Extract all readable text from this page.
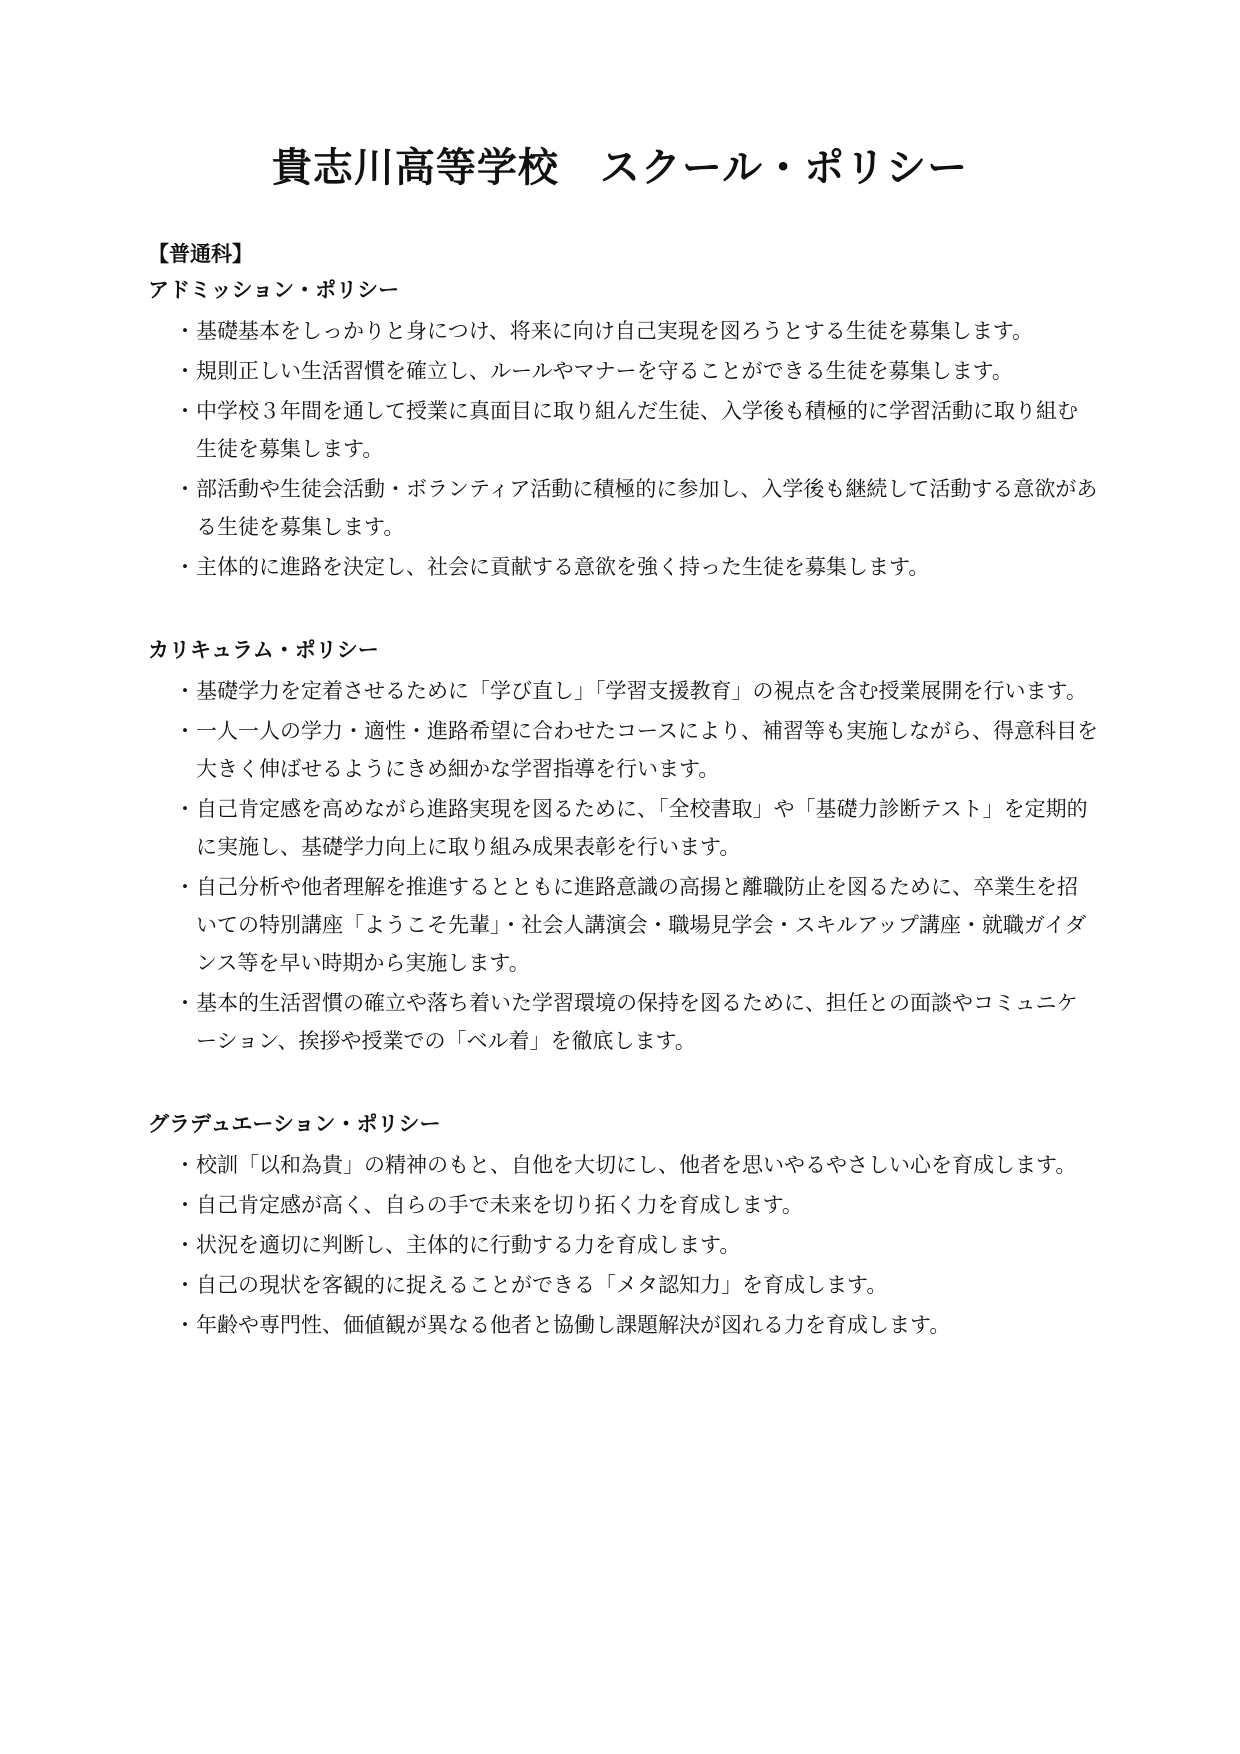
貴志川高等学校　スクール・ポリシー

【普通科】

アドミッション・ポリシー
・ 基礎基本をしっかりと身につけ、将来に向け自己実現を図ろうとする生徒を募集します。
・ 規則正しい生活習慣を確立し、ルールやマナーを守ることができる生徒を募集します。
・ 中学校３年間を通して授業に真面目に取り組んだ生徒、入学後も積極的に学習活動に取り組む生徒を募集します。
・ 部活動や生徒会活動・ボランティア活動に積極的に参加し、入学後も継続して活動する意欲がある生徒を募集します。
・ 主体的に進路を決定し、社会に貢献する意欲を強く持った生徒を募集します。
カリキュラム・ポリシー
・ 基礎学力を定着させるために「学び直し」「学習支援教育」の視点を含む授業展開を行います。
・ 一人一人の学力・適性・進路希望に合わせたコースにより、補習等も実施しながら、得意科目を大きく伸ばせるようにきめ細かな学習指導を行います。
・ 自己肯定感を高めながら進路実現を図るために、「全校書取」や「基礎力診断テスト」を定期的に実施し、基礎学力向上に取り組み成果表彰を行います。
・ 自己分析や他者理解を推進するとともに進路意識の高揚と離職防止を図るために、卒業生を招いての特別講座「ようこそ先輩」・社会人講演会・職場見学会・スキルアップ講座・就職ガイダンス等を早い時期から実施します。
・ 基本的生活習慣の確立や落ち着いた学習環境の保持を図るために、担任との面談やコミュニケーション、挨拶や授業での「ベル着」を徹底します。
グラデュエーション・ポリシー
・ 校訓「以和為貴」の精神のもと、自他を大切にし、他者を思いやるやさしい心を育成します。
・ 自己肯定感が高く、自らの手で未来を切り拓く力を育成します。
・ 状況を適切に判断し、主体的に行動する力を育成します。
・ 自己の現状を客観的に捉えることができる「メタ認知力」を育成します。
・ 年齢や専門性、価値観が異なる他者と協働し課題解決が図れる力を育成します。
